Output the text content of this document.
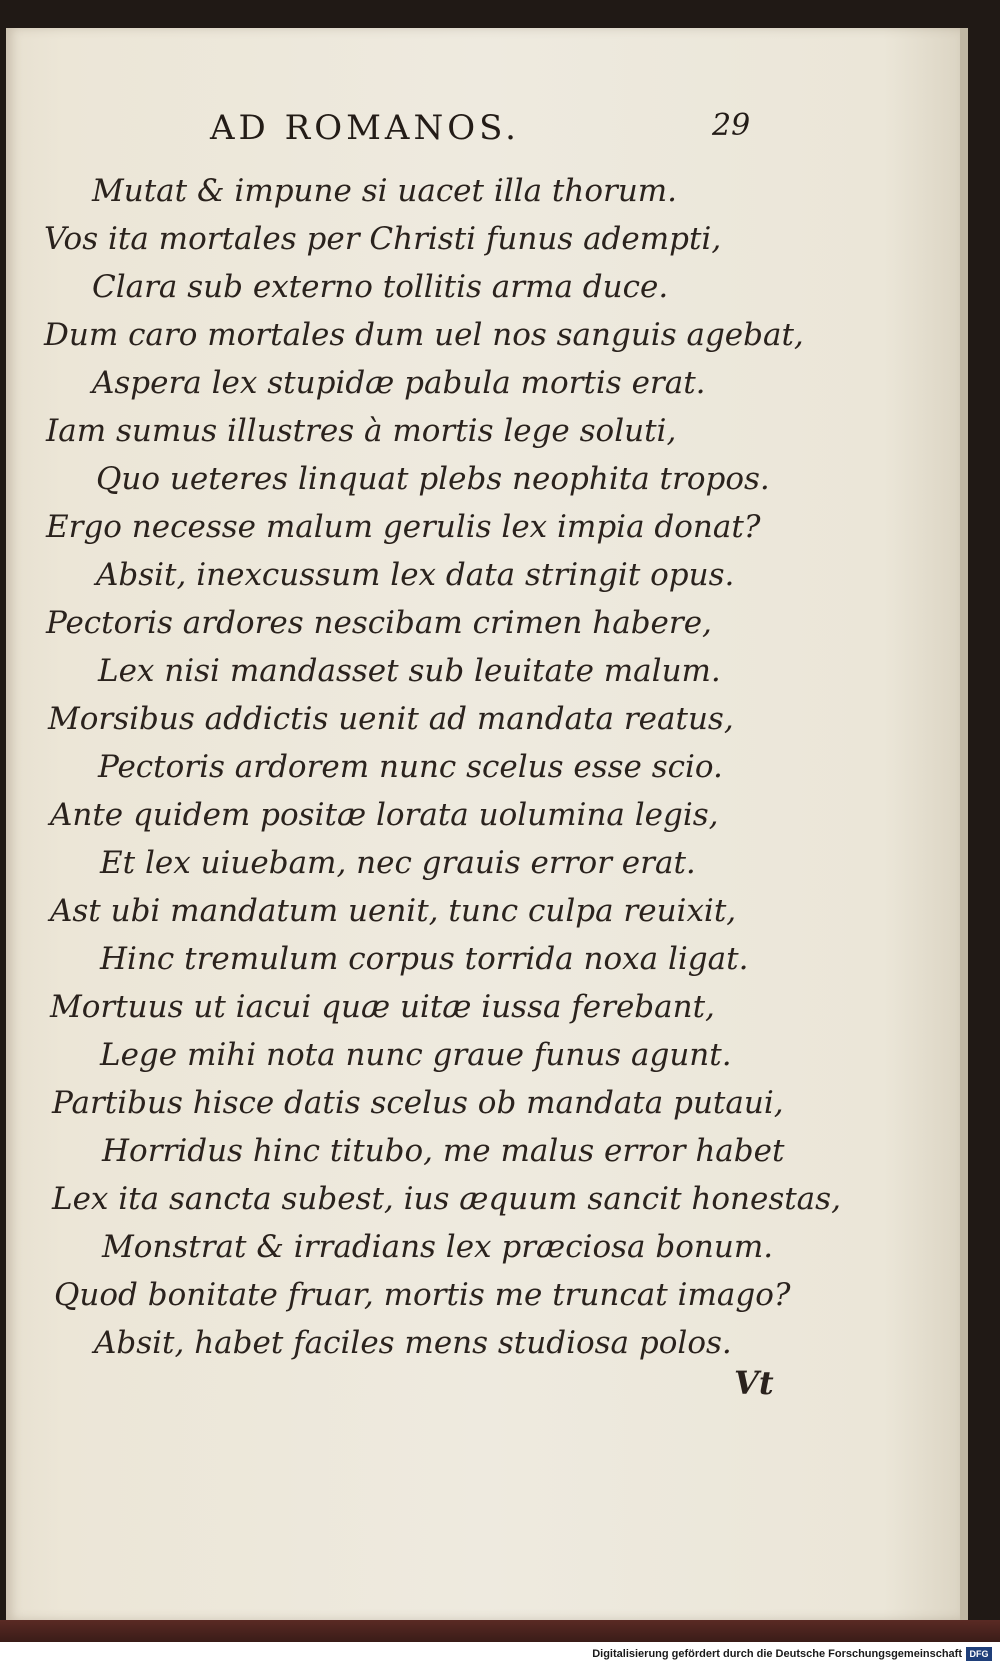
AD ROMANOS.	29
Mutat & impune si uacet illa thorum.
Vos ita mortales per Christi funus adempti,
Clara sub externo tollitis arma duce.
Dum caro mortales dum uel nos sanguis agebat,
Aspera lex stupidæ pabula mortis erat.
Iam sumus illustres à mortis lege soluti,
Quo ueteres linquat plebs neophita tropos.
Ergo necesse malum gerulis lex impia donat?
Absit, inexcussum lex data stringit opus.
Pectoris ardores nescibam crimen habere,
Lex nisi mandasset sub leuitate malum.
Morsibus addictis uenit ad mandata reatus,
Pectoris ardorem nunc scelus esse scio.
Ante quidem positæ lorata uolumina legis,
Et lex uiuebam, nec grauis error erat.
Ast ubi mandatum uenit, tunc culpa reuixit,
Hinc tremulum corpus torrida noxa ligat.
Mortuus ut iacui quæ uitæ iussa ferebant,
Lege mihi nota nunc graue funus agunt.
Partibus hisce datis scelus ob mandata putaui,
Horridus hinc titubo, me malus error habet
Lex ita sancta subest, ius æquum sancit honestas,
Monstrat & irradians lex præciosa bonum.
Quod bonitate fruar, mortis me truncat imago?
Absit, habet faciles mens studiosa polos.
Vt
Digitalisierung gefördert durch die Deutsche Forschungsgemeinschaft DFG
